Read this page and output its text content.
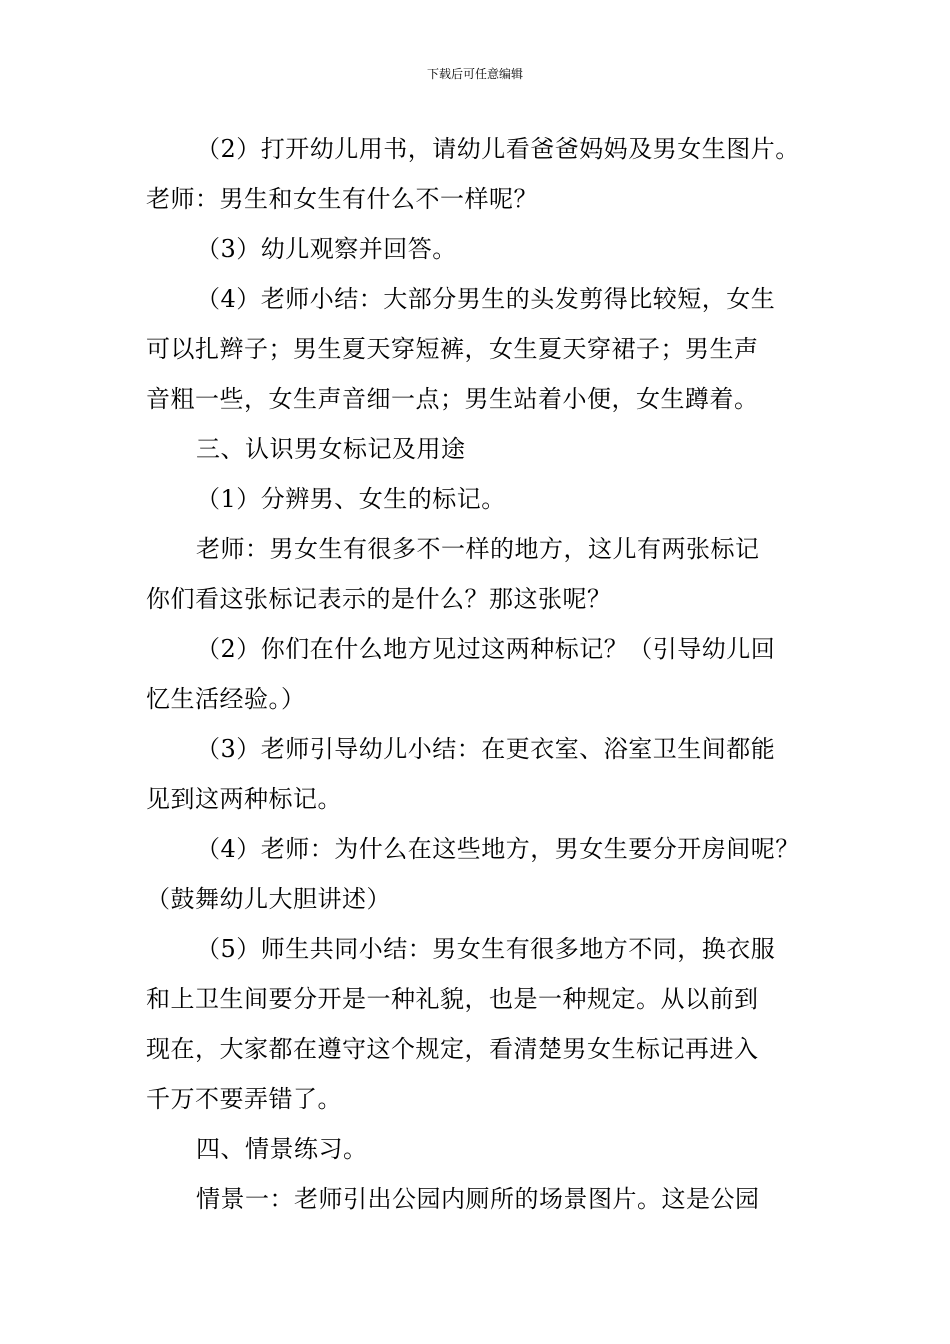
下载后可任意编辑

（2）打开幼儿用书，请幼儿看爸爸妈妈及男女生图片。

老师：男生和女生有什么不一样呢？

（3）幼儿观察并回答。

（4）老师小结：大部分男生的头发剪得比较短，女生

可以扎辫子；男生夏天穿短裤，女生夏天穿裙子；男生声

音粗一些，女生声音细一点；男生站着小便，女生蹲着。

三、认识男女标记及用途

（1）分辨男、女生的标记。

老师：男女生有很多不一样的地方，这儿有两张标记

你们看这张标记表示的是什么？那这张呢？

（2）你们在什么地方见过这两种标记？（引导幼儿回

忆生活经验。）

（3）老师引导幼儿小结：在更衣室、浴室卫生间都能

见到这两种标记。

（4）老师：为什么在这些地方，男女生要分开房间呢？

（鼓舞幼儿大胆讲述）

（5）师生共同小结：男女生有很多地方不同，换衣服

和上卫生间要分开是一种礼貌，也是一种规定。从以前到

现在，大家都在遵守这个规定，看清楚男女生标记再进入

千万不要弄错了。

四、情景练习。

情景一：老师引出公园内厕所的场景图片。这是公园
